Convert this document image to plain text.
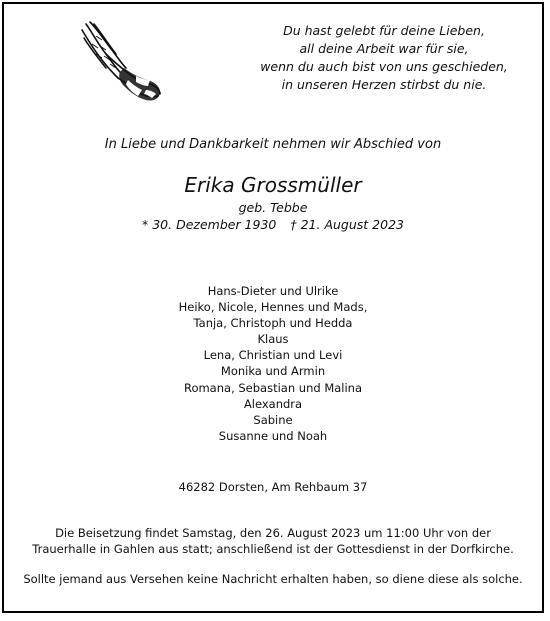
Du hast gelebt für deine Lieben,
all deine Arbeit war für sie,
wenn du auch bist von uns geschieden,
in unseren Herzen stirbst du nie.
In Liebe und Dankbarkeit nehmen wir Abschied von
Erika Grossmüller
geb. Tebbe
* 30. Dezember 1930 † 21. August 2023
Hans-Dieter und Ulrike
Heiko, Nicole, Hennes und Mads,
Tanja, Christoph und Hedda
Klaus
Lena, Christian und Levi
Monika und Armin
Romana, Sebastian und Malina
Alexandra
Sabine
Susanne und Noah
46282 Dorsten, Am Rehbaum 37
Die Beisetzung findet Samstag, den 26. August 2023 um 11:00 Uhr von der
Trauerhalle in Gahlen aus statt; anschließend ist der Gottesdienst in der Dorfkirche.
Sollte jemand aus Versehen keine Nachricht erhalten haben, so diene diese als solche.
